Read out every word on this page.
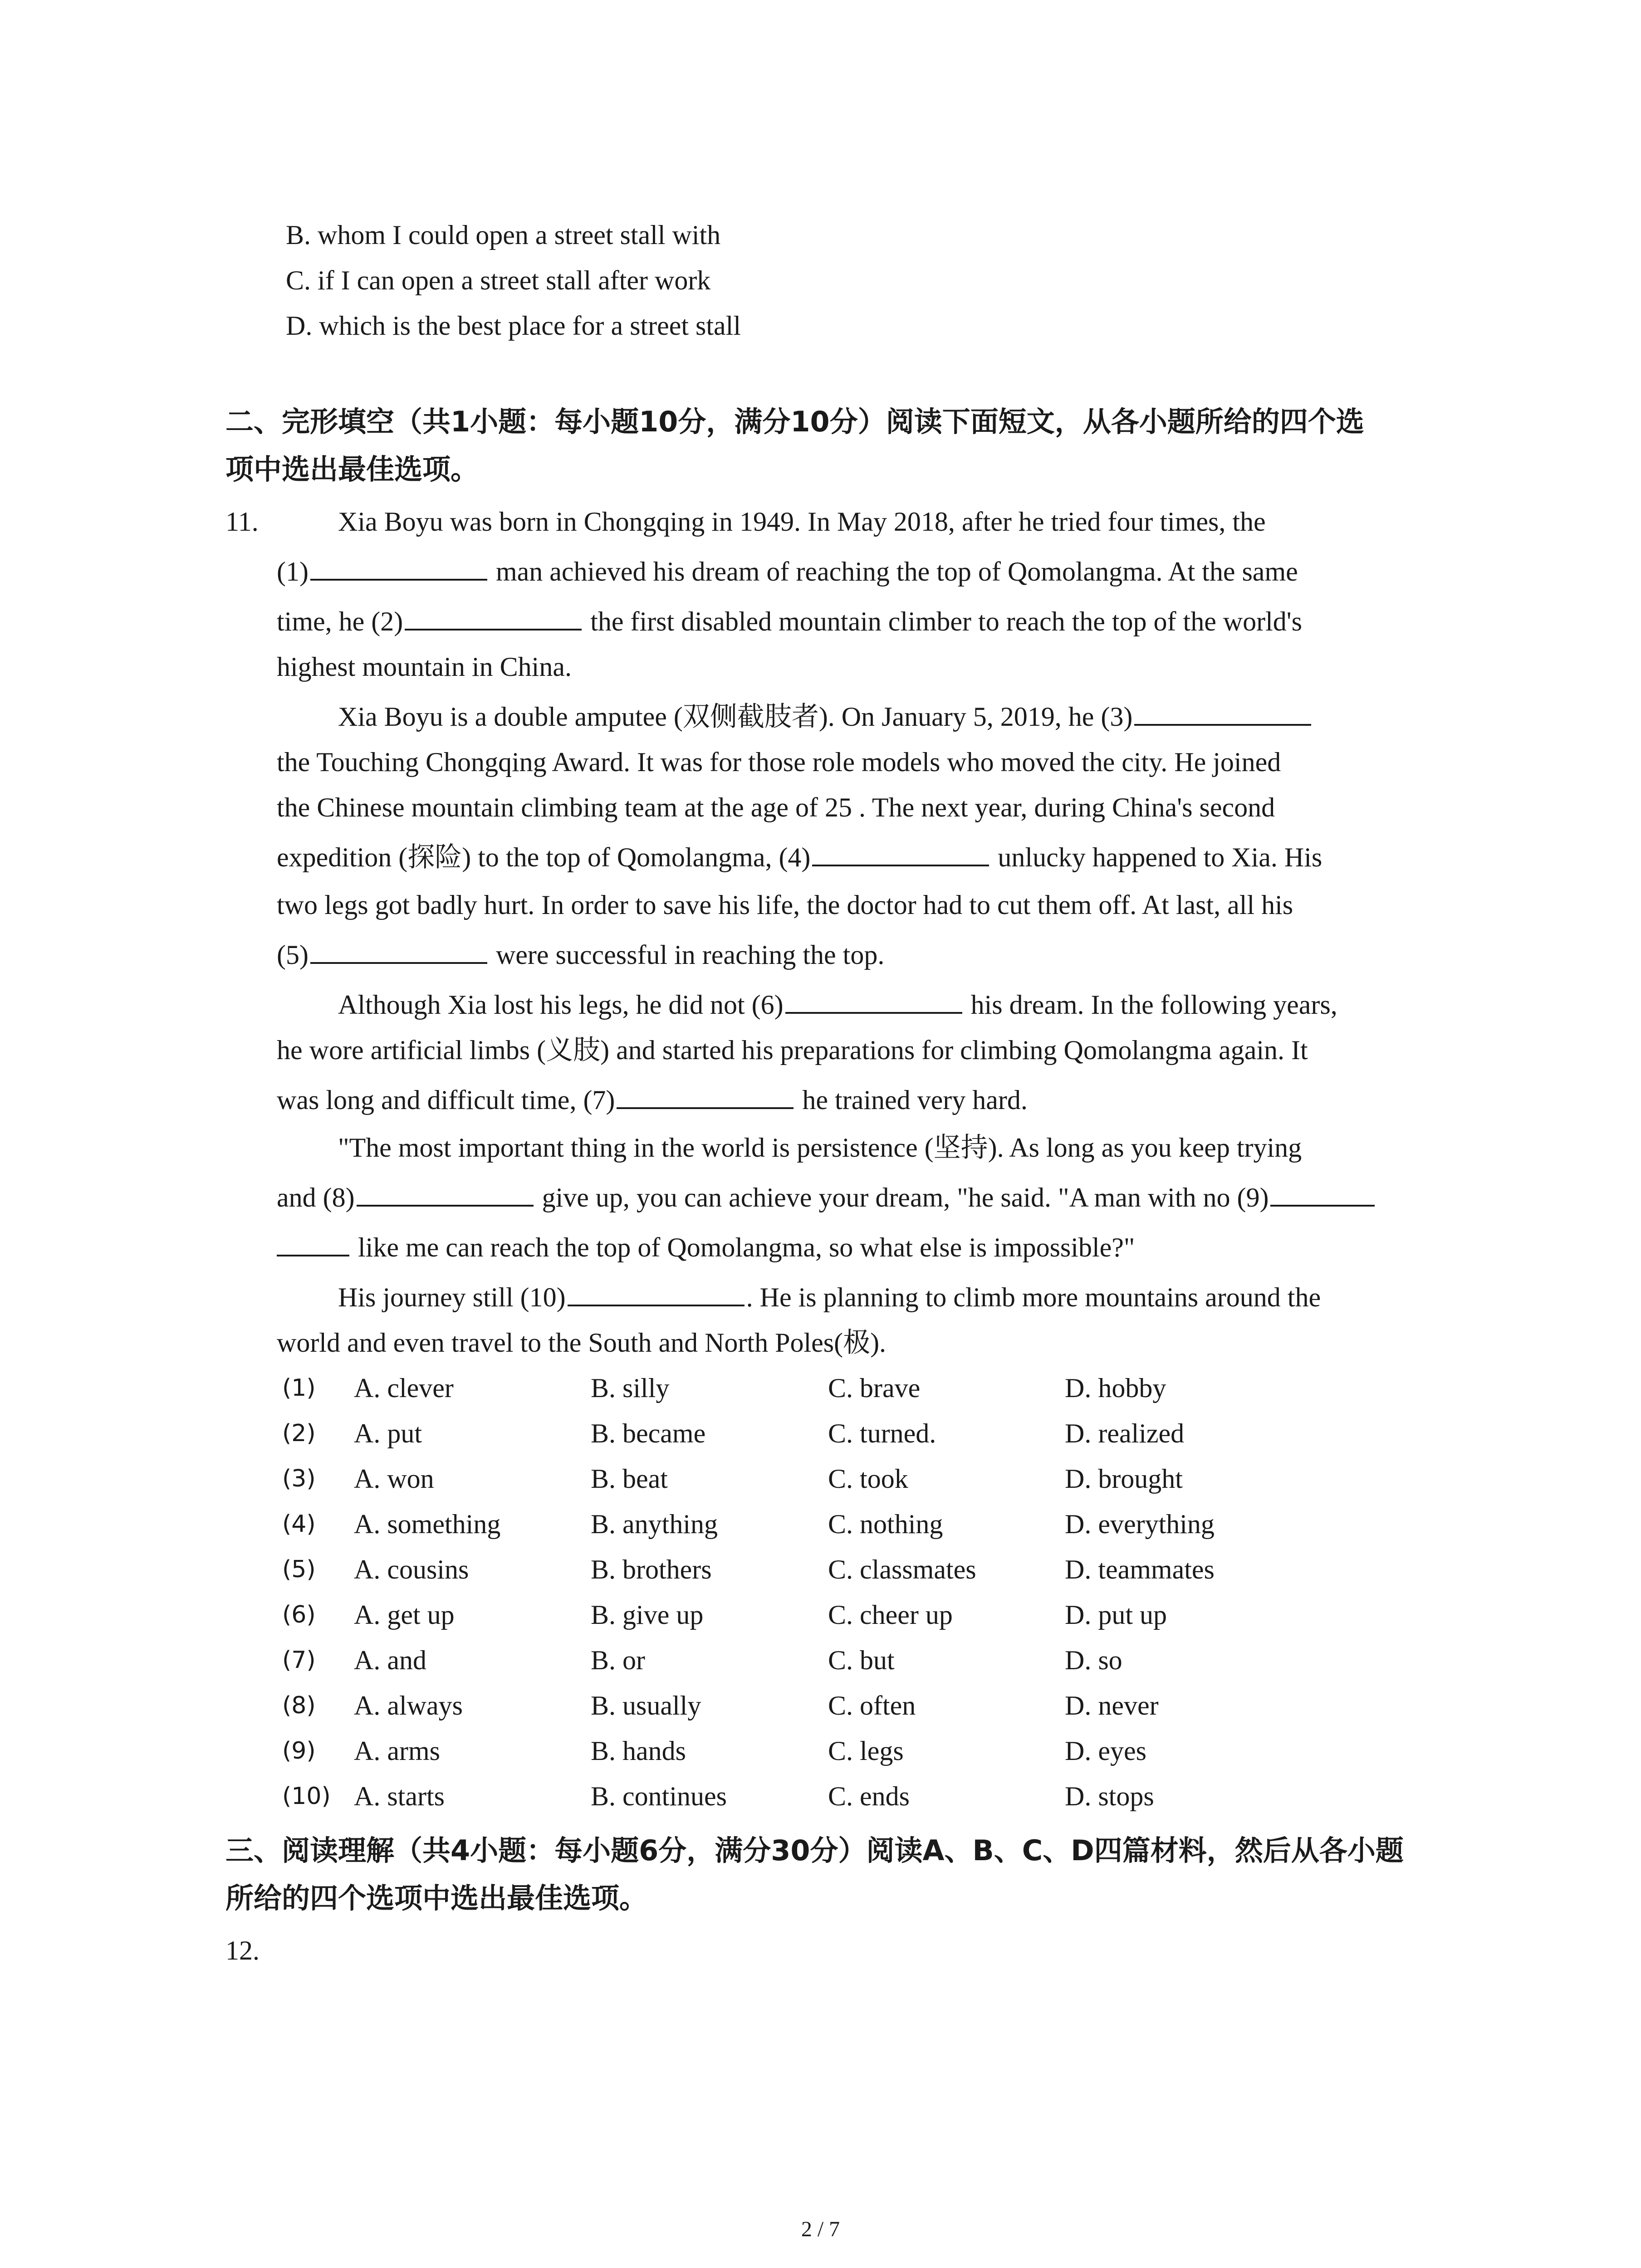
B. whom I could open a street stall with
C. if I can open a street stall after work
D. which is the best place for a street stall
二、完形填空（共1小题：每小题10分，满分10分）阅读下面短文，从各小题所给的四个选
项中选出最佳选项。
11.	Xia Boyu was born in Chongqing in 1949. In May 2018, after he tried four times, the
(1)	man achieved his dream of reaching the top of Qomolangma. At the same
time, he (2)	the first disabled mountain climber to reach the top of the world's
highest mountain in China.
Xia Boyu is a double amputee (双侧截肢者). On January 5, 2019, he (3)
the Touching Chongqing Award. It was for those role models who moved the city. He joined
the Chinese mountain climbing team at the age of 25 . The next year, during China's second
expedition (探险) to the top of Qomolangma, (4)	unlucky happened to Xia. His
two legs got badly hurt. In order to save his life, the doctor had to cut them off. At last, all his
(5)	were successful in reaching the top.
Although Xia lost his legs, he did not (6)	his dream. In the following years,
he wore artificial limbs (义肢) and started his preparations for climbing Qomolangma again. It
was long and difficult time, (7)	he trained very hard.
"The most important thing in the world is persistence (坚持). As long as you keep trying
and (8)	give up, you can achieve your dream, "he said. "A man with no (9)
like me can reach the top of Qomolangma, so what else is impossible?"
His journey still (10)	. He is planning to climb more mountains around the
world and even travel to the South and North Poles(极).
(1) A. clever	B. silly	C. brave	D. hobby
(2) A. put	B. became	C. turned.	D. realized
(3) A. won	B. beat	C. took	D. brought
(4) A. something	B. anything	C. nothing	D. everything
(5) A. cousins	B. brothers	C. classmates	D. teammates
(6) A. get up	B. give up	C. cheer up	D. put up
(7) A. and	B. or	C. but	D. so
(8) A. always	B. usually	C. often	D. never
(9) A. arms	B. hands	C. legs	D. eyes
(10) A. starts	B. continues	C. ends	D. stops
三、阅读理解（共4小题：每小题6分，满分30分）阅读A、B、C、D四篇材料，然后从各小题
所给的四个选项中选出最佳选项。
12.
2 / 7
